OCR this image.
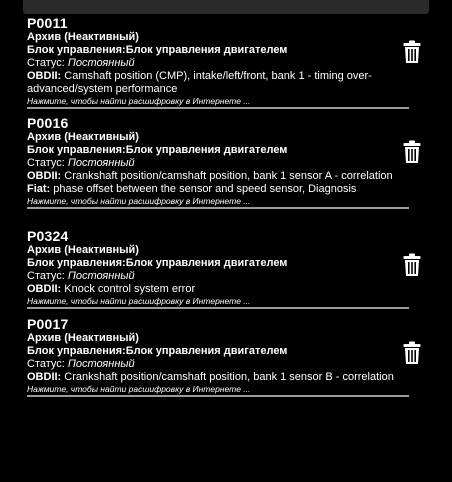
P0011
Архив (Неактивный)
Блок управления:Блок управления двигателем
Статус: Постоянный
OBDII: Camshaft position (CMP), intake/left/front, bank 1 - timing over-advanced/system performance
Нажмите, чтобы найти расшифровку в Интернете ...
P0016
Архив (Неактивный)
Блок управления:Блок управления двигателем
Статус: Постоянный
OBDII: Crankshaft position/camshaft position, bank 1 sensor A - correlation
Fiat: phase offset between the sensor and speed sensor, Diagnosis
Нажмите, чтобы найти расшифровку в Интернете ...
P0324
Архив (Неактивный)
Блок управления:Блок управления двигателем
Статус: Постоянный
OBDII: Knock control system error
Нажмите, чтобы найти расшифровку в Интернете ...
P0017
Архив (Неактивный)
Блок управления:Блок управления двигателем
Статус: Постоянный
OBDII: Crankshaft position/camshaft position, bank 1 sensor B - correlation
Нажмите, чтобы найти расшифровку в Интернете ...
